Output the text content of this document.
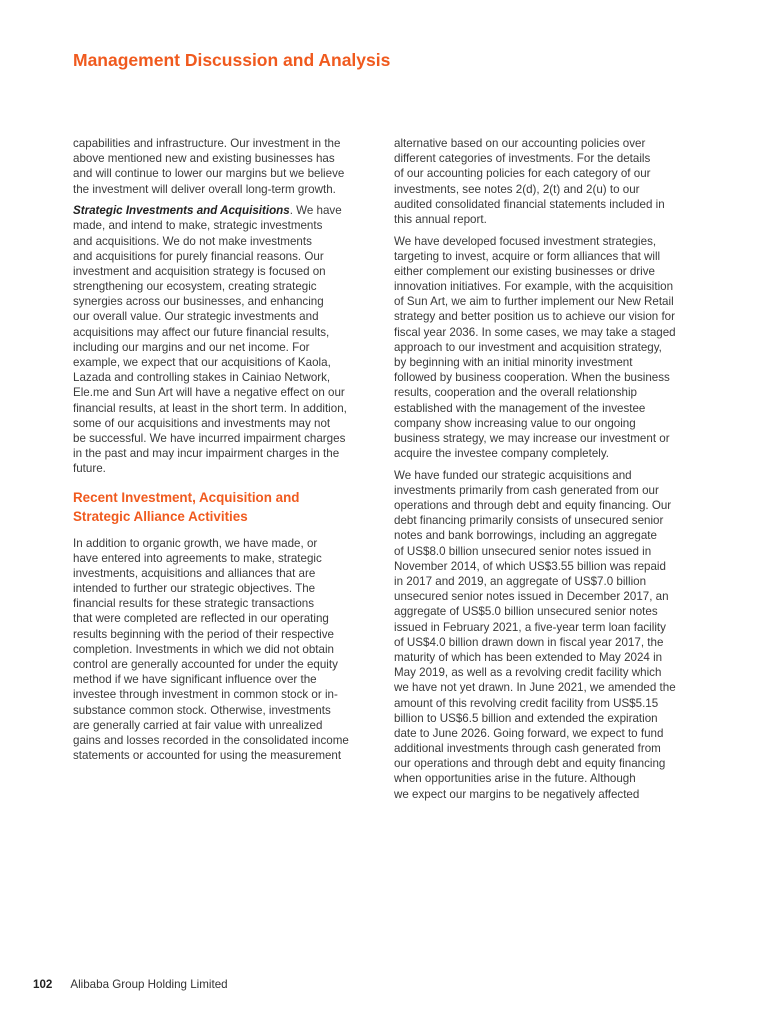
Management Discussion and Analysis
capabilities and infrastructure. Our investment in the
above mentioned new and existing businesses has
and will continue to lower our margins but we believe
the investment will deliver overall long-term growth.
Strategic Investments and Acquisitions. We have
made, and intend to make, strategic investments
and acquisitions. We do not make investments
and acquisitions for purely financial reasons. Our
investment and acquisition strategy is focused on
strengthening our ecosystem, creating strategic
synergies across our businesses, and enhancing
our overall value. Our strategic investments and
acquisitions may affect our future financial results,
including our margins and our net income. For
example, we expect that our acquisitions of Kaola,
Lazada and controlling stakes in Cainiao Network,
Ele.me and Sun Art will have a negative effect on our
financial results, at least in the short term. In addition,
some of our acquisitions and investments may not
be successful. We have incurred impairment charges
in the past and may incur impairment charges in the
future.
Recent Investment, Acquisition and
Strategic Alliance Activities
In addition to organic growth, we have made, or
have entered into agreements to make, strategic
investments, acquisitions and alliances that are
intended to further our strategic objectives. The
financial results for these strategic transactions
that were completed are reflected in our operating
results beginning with the period of their respective
completion. Investments in which we did not obtain
control are generally accounted for under the equity
method if we have significant influence over the
investee through investment in common stock or in-
substance common stock. Otherwise, investments
are generally carried at fair value with unrealized
gains and losses recorded in the consolidated income
statements or accounted for using the measurement
alternative based on our accounting policies over
different categories of investments. For the details
of our accounting policies for each category of our
investments, see notes 2(d), 2(t) and 2(u) to our
audited consolidated financial statements included in
this annual report.
We have developed focused investment strategies,
targeting to invest, acquire or form alliances that will
either complement our existing businesses or drive
innovation initiatives. For example, with the acquisition
of Sun Art, we aim to further implement our New Retail
strategy and better position us to achieve our vision for
fiscal year 2036. In some cases, we may take a staged
approach to our investment and acquisition strategy,
by beginning with an initial minority investment
followed by business cooperation. When the business
results, cooperation and the overall relationship
established with the management of the investee
company show increasing value to our ongoing
business strategy, we may increase our investment or
acquire the investee company completely.
We have funded our strategic acquisitions and
investments primarily from cash generated from our
operations and through debt and equity financing. Our
debt financing primarily consists of unsecured senior
notes and bank borrowings, including an aggregate
of US$8.0 billion unsecured senior notes issued in
November 2014, of which US$3.55 billion was repaid
in 2017 and 2019, an aggregate of US$7.0 billion
unsecured senior notes issued in December 2017, an
aggregate of US$5.0 billion unsecured senior notes
issued in February 2021, a five-year term loan facility
of US$4.0 billion drawn down in fiscal year 2017, the
maturity of which has been extended to May 2024 in
May 2019, as well as a revolving credit facility which
we have not yet drawn. In June 2021, we amended the
amount of this revolving credit facility from US$5.15
billion to US$6.5 billion and extended the expiration
date to June 2026. Going forward, we expect to fund
additional investments through cash generated from
our operations and through debt and equity financing
when opportunities arise in the future. Although
we expect our margins to be negatively affected
102 Alibaba Group Holding Limited
